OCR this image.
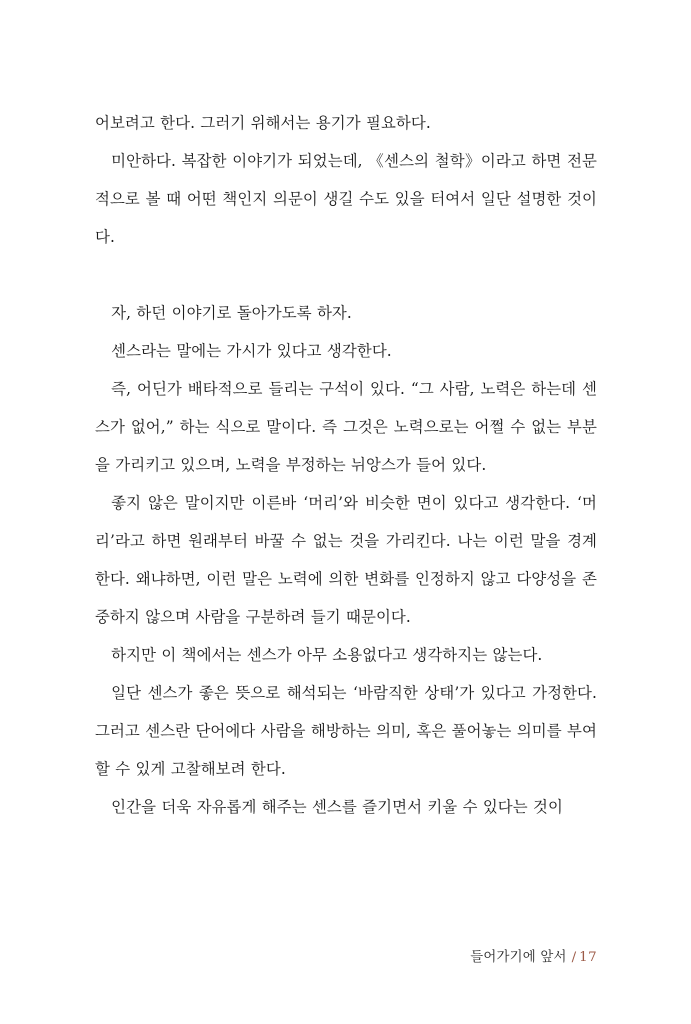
어보려고 한다. 그러기 위해서는 용기가 필요하다.

미안하다. 복잡한 이야기가 되었는데, 《센스의 철학》이라고 하면 전문적으로 볼 때 어떤 책인지 의문이 생길 수도 있을 터여서 일단 설명한 것이다.

자, 하던 이야기로 돌아가도록 하자.

센스라는 말에는 가시가 있다고 생각한다.

즉, 어딘가 배타적으로 들리는 구석이 있다. “그 사람, 노력은 하는데 센스가 없어,” 하는 식으로 말이다. 즉 그것은 노력으로는 어쩔 수 없는 부분을 가리키고 있으며, 노력을 부정하는 뉘앙스가 들어 있다.

좋지 않은 말이지만 이른바 ‘머리’와 비슷한 면이 있다고 생각한다. ‘머리’라고 하면 원래부터 바꿀 수 없는 것을 가리킨다. 나는 이런 말을 경계한다. 왜냐하면, 이런 말은 노력에 의한 변화를 인정하지 않고 다양성을 존중하지 않으며 사람을 구분하려 들기 때문이다.

하지만 이 책에서는 센스가 아무 소용없다고 생각하지는 않는다.

일단 센스가 좋은 뜻으로 해석되는 ‘바람직한 상태’가 있다고 가정한다. 그러고 센스란 단어에다 사람을 해방하는 의미, 혹은 풀어놓는 의미를 부여할 수 있게 고찰해보려 한다.

인간을 더욱 자유롭게 해주는 센스를 즐기면서 키울 수 있다는 것이

들어가기에 앞서 / 17
